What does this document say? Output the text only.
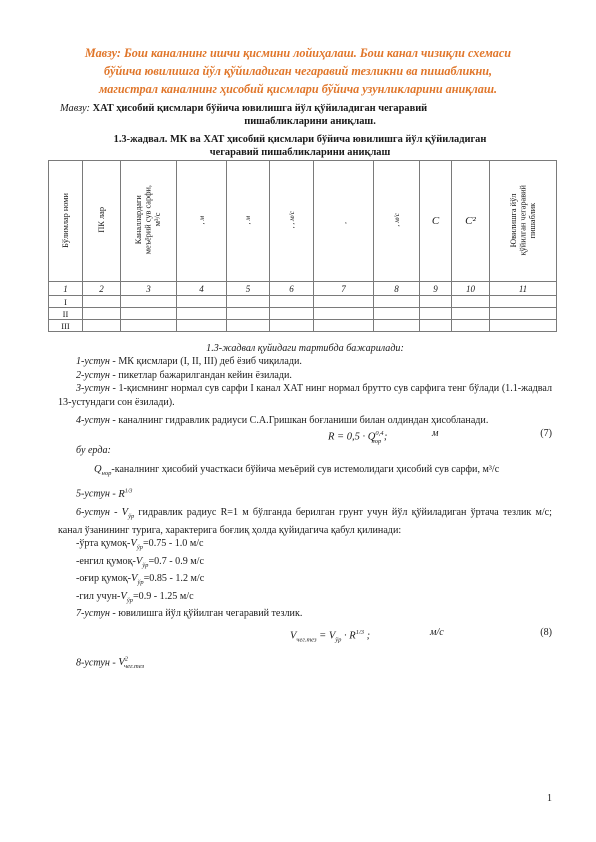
Мавзу: Бош каналнинг ишчи қисмини лойиҳалаш. Бош канал чизиқли схемаси
бўйича ювилишга йўл қўйиладиган чегаравий тезликни ва пишабликни,
магистрал каналнинг ҳисобий қисмлари бўйича узунликларини аниқлаш.
Мавзу: ХАТ ҳисобий қисмлари бўйича ювилишга йўл қўйиладиган чегаравий
пишабликларини аниқлаш.
1.3-жадвал. МК ва ХАТ ҳисобий қисмлари бўйича ювилишга йўл қўйиладиган
чегаравий пишабликларини аниқлаш
Бўлимлар номи	ПК лар	Каналлардаги
меъёрий сув сарфи,
м³/с	, м	, м	, , м/с	,	, м/с	C	C²	Ювилишга йўл
қўйилган чегаравий
пишаблик
1	2	3	4	5	6	7	8	9	10	11
I										
II										
III										

1.3-жадвал қуйидаги тартибда бажарилади:

1-устун - МК қисмлари (I, II, III) деб ёзиб чиқилади.

2-устун - пикетлар бажарилгандан кейин ёзилади.

3-устун - 1-қисмнинг нормал сув сарфи I канал ХАТ нинг нормал брутто сув сарфига тенг бўлади (1.1-жадвал 13-устундаги сон ёзилади).

4-устун - каналнинг гидравлик радиуси С.А.Гришкан боғланиши билан олдиндан ҳисобланади.

R = 0,5 · Q$^{0,4}_{нор}$ ;	м	(7)

бу ерда:

$Q_{нор}$-каналнинг ҳисобий участкаси бўйича меъёрий сув истемолидаги ҳисобий сув сарфи, м³/с

5-устун - $R^{1/3}$

6-устун - $V_{ўр}$ гидравлик радиус R=1 м бўлганда берилган грунт учун йўл қўйиладиган ўртача тезлик м/с; канал ўзанининг турига, характерига боғлиқ ҳолда қуйидагича қабул қилинади:

-ўрта қумоқ-$V_{ўр}=0.75 - 1.0$ м/с

-енгил қумоқ-$V_{ўр}=0.7 - 0.9$ м/с

-оғир қумоқ-$V_{ўр}=0.85 - 1.2$ м/с

-гил учун-$V_{ўр}=0.9 - 1.25$ м/с

7-устун - ювилишга йўл қўйилган чегаравий тезлик.

$V_{чег.тез} = V_{ўр} \cdot R^{1/3}$ ;	м/с	(8)

8-устун - $V^2_{чег.тез}$

1
